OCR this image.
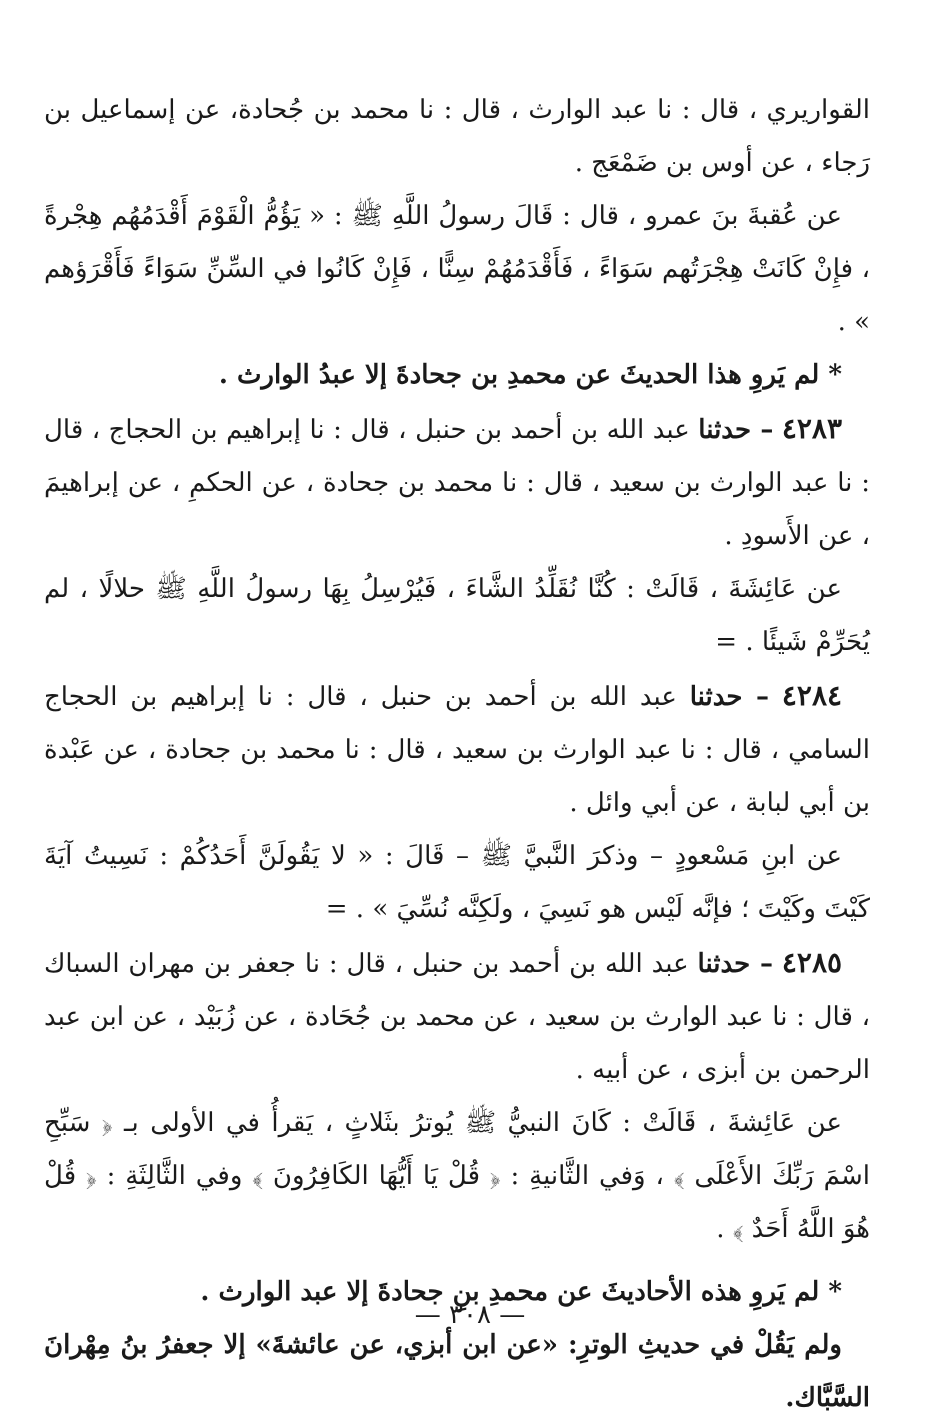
القواريري ، قال : نا عبد الوارث ، قال : نا محمد بن جُحادة، عن إسماعيل بن رَجاء ، عن أوس بن ضَمْعَج .

عن عُقبةَ بنَ عمرو ، قال : قَالَ رسولُ اللَّهِ ﷺ : « يَؤُمُّ الْقَوْمَ أَقْدَمُهُم هِجْرةً ، فإِنْ كَانَتْ هِجْرَتُهم سَوَاءً ، فَأَقْدَمُهُمْ سِنًّا ، فَإِنْ كَانُوا في السِّنِّ سَوَاءً فَأَقْرَؤهم » .

* لم يَروِ هذا الحديثَ عن محمدِ بن جحادةَ إلا عبدُ الوارث .

٤٢٨٣ – حدثنا عبد الله بن أحمد بن حنبل ، قال : نا إبراهيم بن الحجاج ، قال : نا عبد الوارث بن سعيد ، قال : نا محمد بن جحادة ، عن الحكمِ ، عن إبراهيمَ ، عن الأَسودِ .

عن عَائِشَةَ ، قَالَتْ : كُنَّا نُقَلِّدُ الشَّاءَ ، فَيُرْسِلُ بِهَا رسولُ اللَّهِ ﷺ حلالًا ، لم يُحَرِّمْ شَيئًا . =

٤٢٨٤ – حدثنا عبد الله بن أحمد بن حنبل ، قال : نا إبراهيم بن الحجاج السامي ، قال : نا عبد الوارث بن سعيد ، قال : نا محمد بن جحادة ، عن عَبْدة بن أبي لبابة ، عن أبي وائل .

عن ابنِ مَسْعودٍ – وذكرَ النَّبيَّ ﷺ – قَالَ : « لا يَقُولَنَّ أَحَدُكُمْ : نَسِيتُ آيَةَ كَيْتَ وكَيْتَ ؛ فإنَّه لَيْس هو نَسِيَ ، ولَكِنَّه نُسِّيَ » . =

٤٢٨٥ – حدثنا عبد الله بن أحمد بن حنبل ، قال : نا جعفر بن مهران السباك ، قال : نا عبد الوارث بن سعيد ، عن محمد بن جُحَادة ، عن زُبَيْد ، عن ابن عبد الرحمن بن أبزى ، عن أبيه .

عن عَائِشةَ ، قَالَتْ : كَانَ النبيُّ ﷺ يُوترُ بثَلاثٍ ، يَقرأُ في الأولى بـ ﴿ سَبِّحِ اسْمَ رَبِّكَ الأَعْلَى ﴾ ، وَفي الثَّانيةِ : ﴿ قُلْ يَا أَيُّهَا الكَافِرُونَ ﴾ وفي الثَّالِثَةِ : ﴿ قُلْ هُوَ اللَّهُ أَحَدٌ ﴾ .

* لم يَروِ هذه الأحاديثَ عن محمدِ بنِ جحادةَ إلا عبد الوارث .

ولم يَقُلْ في حديثِ الوترِ: «عن ابن أبزي، عن عائشةَ» إلا جعفرُ بنُ مِهْرانَ السَّبَّاك.

— ٣٠٨ —
